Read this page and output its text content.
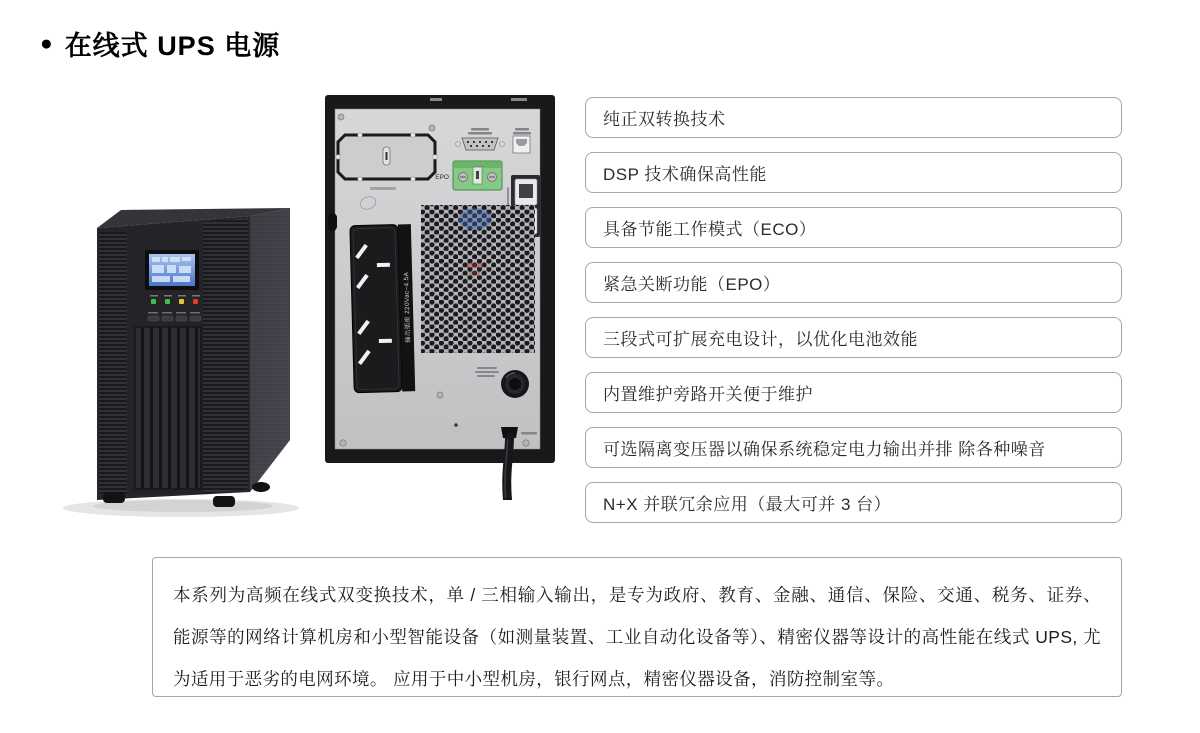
● 在线式 UPS 电源
EPO
输出插座 220Vac~4.5A
纯正双转换技术
DSP 技术确保高性能
具备节能工作模式（ECO）
紧急关断功能（EPO）
三段式可扩展充电设计，以优化电池效能
内置维护旁路开关便于维护
可选隔离变压器以确保系统稳定电力输出并排 除各种噪音
N+X 并联冗余应用（最大可并 3 台）

本系列为高频在线式双变换技术，单 / 三相输入输出，是专为政府、教育、金融、通信、保险、交通、税务、证券、能源等的网络计算机房和小型智能设备（如测量装置、工业自动化设备等）、精密仪器等设计的高性能在线式 UPS, 尤为适用于恶劣的电网环境。 应用于中小型机房，银行网点，精密仪器设备，消防控制室等。
